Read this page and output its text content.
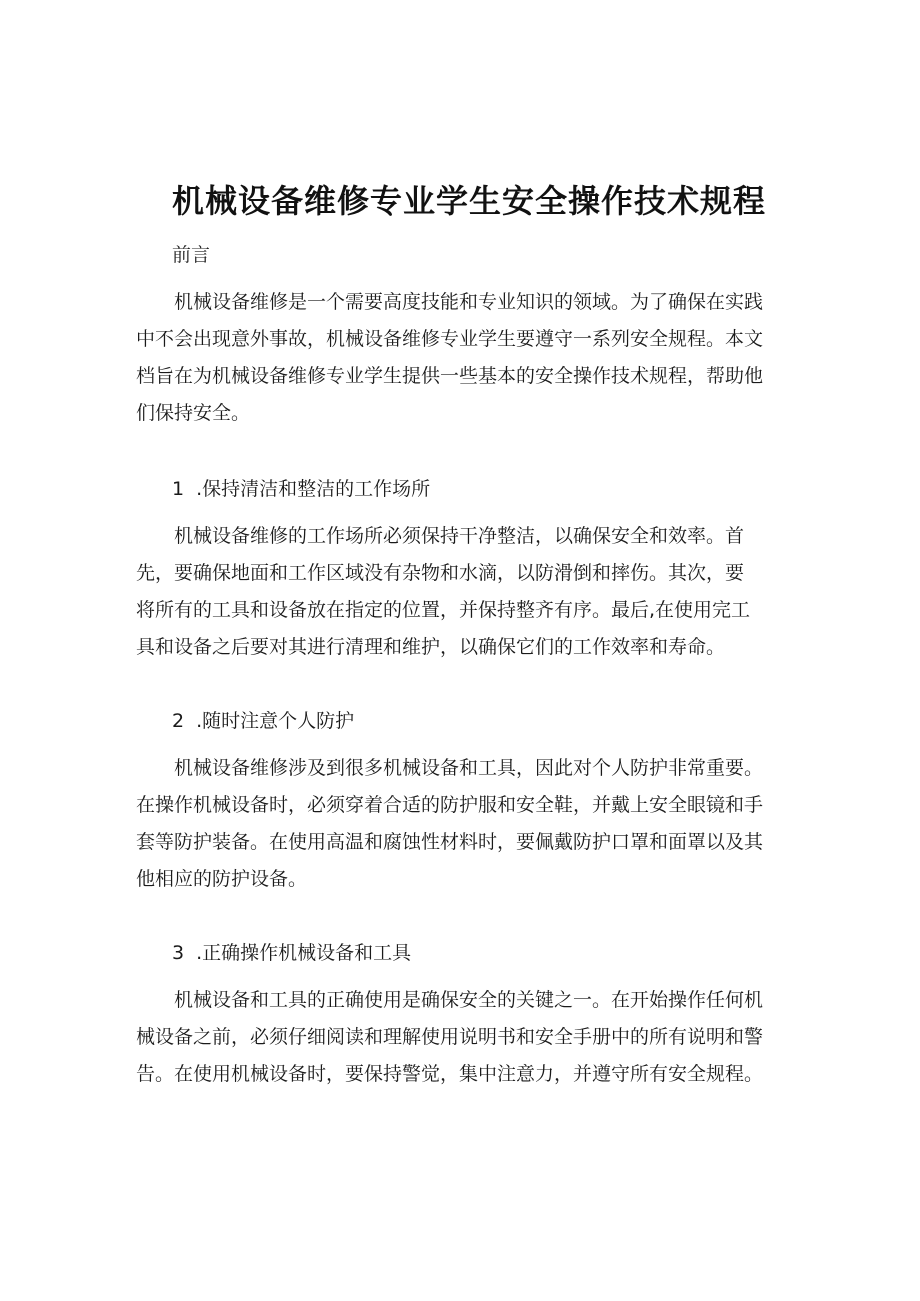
机械设备维修专业学生安全操作技术规程
前言
机械设备维修是一个需要高度技能和专业知识的领域。为了确保在实践
中不会出现意外事故，机械设备维修专业学生要遵守一系列安全规程。本文
档旨在为机械设备维修专业学生提供一些基本的安全操作技术规程，帮助他
们保持安全。
1 .保持清洁和整洁的工作场所
机械设备维修的工作场所必须保持干净整洁，以确保安全和效率。首
先，要确保地面和工作区域没有杂物和水滴，以防滑倒和摔伤。其次，要
将所有的工具和设备放在指定的位置，并保持整齐有序。最后,在使用完工
具和设备之后要对其进行清理和维护，以确保它们的工作效率和寿命。
2 .随时注意个人防护
机械设备维修涉及到很多机械设备和工具，因此对个人防护非常重要。
在操作机械设备时，必须穿着合适的防护服和安全鞋，并戴上安全眼镜和手
套等防护装备。在使用高温和腐蚀性材料时，要佩戴防护口罩和面罩以及其
他相应的防护设备。
3 .正确操作机械设备和工具
机械设备和工具的正确使用是确保安全的关键之一。在开始操作任何机
械设备之前，必须仔细阅读和理解使用说明书和安全手册中的所有说明和警
告。在使用机械设备时，要保持警觉，集中注意力，并遵守所有安全规程。
